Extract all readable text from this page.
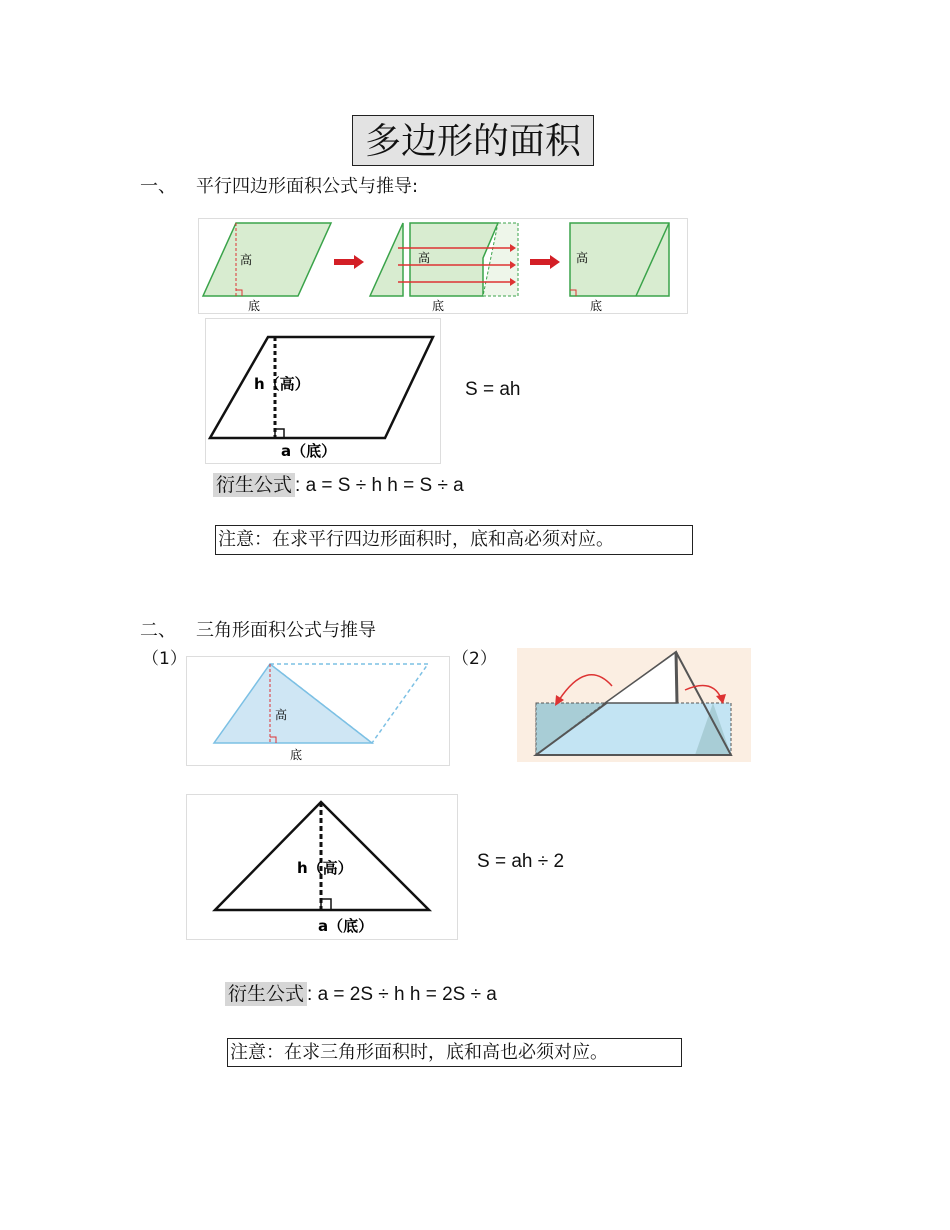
多边形的面积
一、 平行四边形面积公式与推导:
高
底
高
底
高
底
h（高）
a（底）
S = ah
衍生公式 : a = S ÷ h h = S ÷ a
注意：在求平行四边形面积时，底和高必须对应。
二、 三角形面积公式与推导
（1）	（2）
高
底
h（高）
a（底）
S = ah ÷ 2
衍生公式 : a = 2S ÷ h h = 2S ÷ a
注意：在求三角形面积时，底和高也必须对应。
